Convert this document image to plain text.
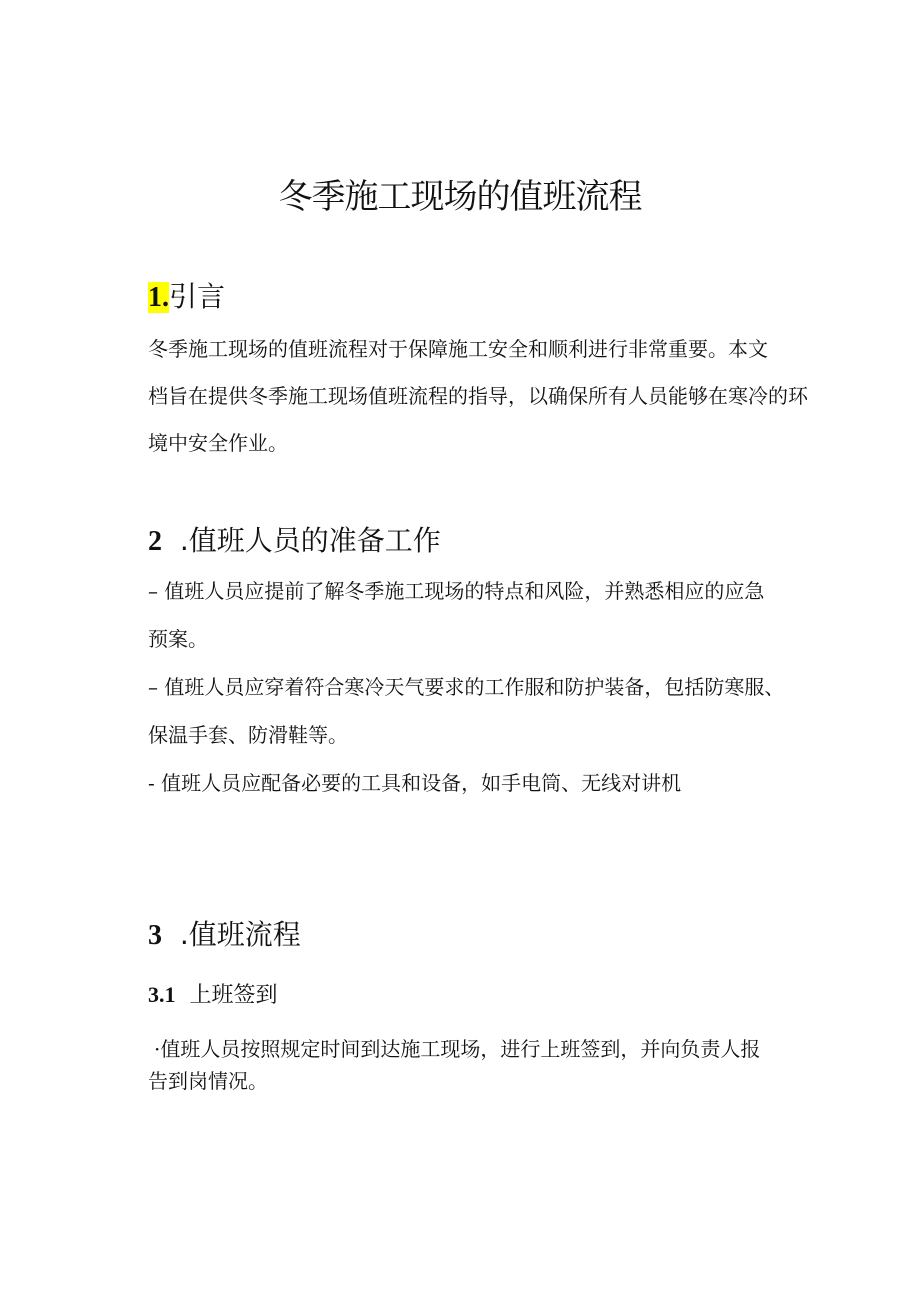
冬季施工现场的值班流程
1.引言
冬季施工现场的值班流程对于保障施工安全和顺利进行非常重要。本文
档旨在提供冬季施工现场值班流程的指导，以确保所有人员能够在寒冷的环
境中安全作业。
2 .值班人员的准备工作
– 值班人员应提前了解冬季施工现场的特点和风险，并熟悉相应的应急
预案。
– 值班人员应穿着符合寒冷天气要求的工作服和防护装备，包括防寒服、
保温手套、防滑鞋等。
- 值班人员应配备必要的工具和设备，如手电筒、无线对讲机
3 .值班流程
3.1 上班签到
·值班人员按照规定时间到达施工现场，进行上班签到，并向负责人报
告到岗情况。
